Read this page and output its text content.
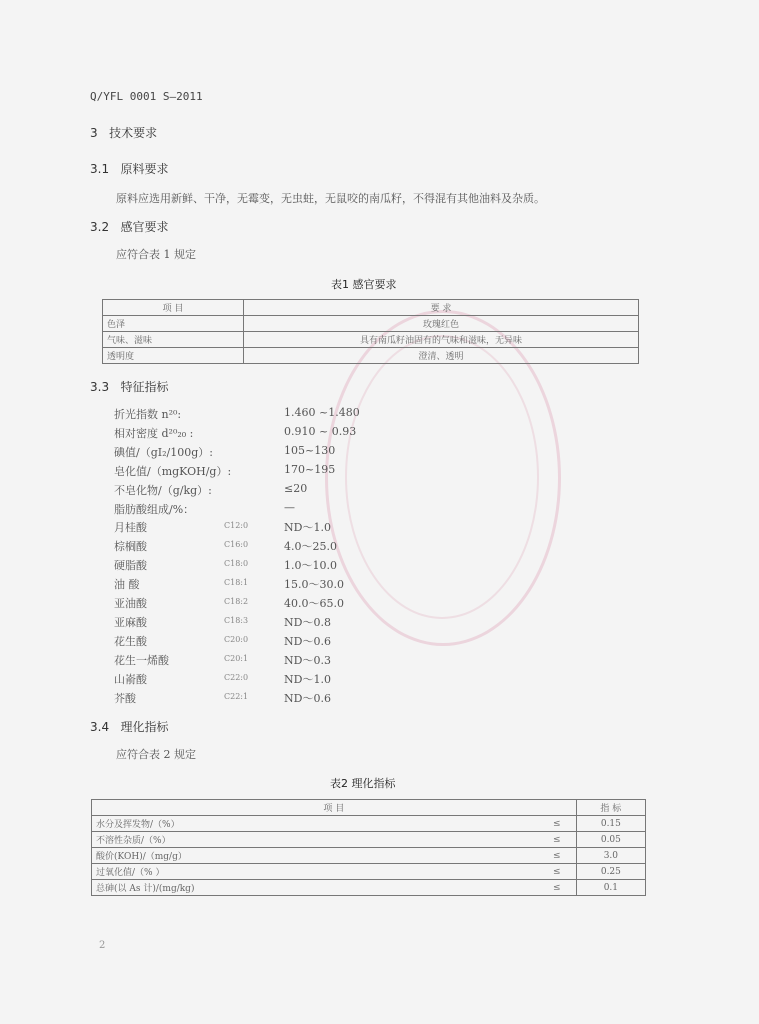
Q/YFL 0001 S—2011
3 技术要求
3.1 原料要求
原料应选用新鲜、干净，无霉变，无虫蛀，无鼠咬的南瓜籽，不得混有其他油料及杂质。
3.2 感官要求
应符合表 1 规定
表1 感官要求
项 目	要 求
色泽	玫瑰红色
气味、滋味	具有南瓜籽油固有的气味和滋味，无异味
透明度	澄清、透明
3.3 特征指标
折光指数 n²⁰:	1.460 ~1.480
相对密度 d²⁰₂₀ :	0.910 ~ 0.93
碘值/（gI₂/100g）:	105~130
皂化值/（mgKOH/g）:	170~195
不皂化物/（g/kg）:	≤20
脂肪酸组成/%：	—
月桂酸	C12:0	ND～1.0
棕榈酸	C16:0	4.0～25.0
硬脂酸	C18:0	1.0～10.0
油 酸	C18:1	15.0～30.0
亚油酸	C18:2	40.0～65.0
亚麻酸	C18:3	ND～0.8
花生酸	C20:0	ND～0.6
花生一烯酸	C20:1	ND～0.3
山嵛酸	C22:0	ND～1.0
芥酸	C22:1	ND～0.6
3.4 理化指标
应符合表 2 规定
表2 理化指标
项 目		指 标
水分及挥发物/（%）	≤	0.15
不溶性杂质/（%）	≤	0.05
酸价(KOH)/（mg/g）	≤	3.0
过氧化值/（% ）	≤	0.25
总砷(以 As 计)/(mg/kg)	≤	0.1
2
